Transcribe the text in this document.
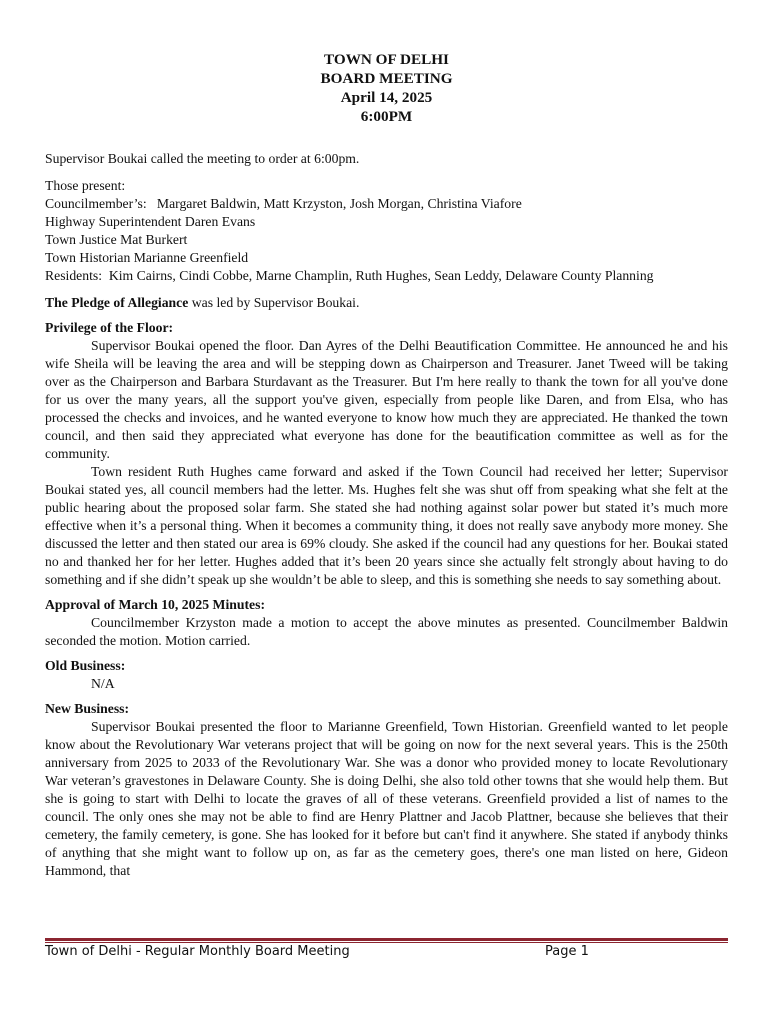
TOWN OF DELHI
BOARD MEETING
April 14, 2025
6:00PM

Supervisor Boukai called the meeting to order at 6:00pm.

Those present:

Councilmember’s:   Margaret Baldwin, Matt Krzyston, Josh Morgan, Christina Viafore

Highway Superintendent Daren Evans

Town Justice Mat Burkert

Town Historian Marianne Greenfield

Residents:  Kim Cairns, Cindi Cobbe, Marne Champlin, Ruth Hughes, Sean Leddy, Delaware County Planning

The Pledge of Allegiance was led by Supervisor Boukai.

Privilege of the Floor:

Supervisor Boukai opened the floor. Dan Ayres of the Delhi Beautification Committee. He announced he and his wife Sheila will be leaving the area and will be stepping down as Chairperson and Treasurer. Janet Tweed will be taking over as the Chairperson and Barbara Sturdavant as the Treasurer. But I'm here really to thank the town for all you've done for us over the many years, all the support you've given, especially from people like Daren, and from Elsa, who has processed the checks and invoices, and he wanted everyone to know how much they are appreciated. He thanked the town council, and then said they appreciated what everyone has done for the beautification committee as well as for the community.

Town resident Ruth Hughes came forward and asked if the Town Council had received her letter; Supervisor Boukai stated yes, all council members had the letter. Ms. Hughes felt she was shut off from speaking what she felt at the public hearing about the proposed solar farm. She stated she had nothing against solar power but stated it’s much more effective when it’s a personal thing. When it becomes a community thing, it does not really save anybody more money. She discussed the letter and then stated our area is 69% cloudy. She asked if the council had any questions for her. Boukai stated no and thanked her for her letter. Hughes added that it’s been 20 years since she actually felt strongly about having to do something and if she didn’t speak up she wouldn’t be able to sleep, and this is something she needs to say something about.

Approval of March 10, 2025 Minutes:

Councilmember Krzyston made a motion to accept the above minutes as presented. Councilmember Baldwin seconded the motion. Motion carried.

Old Business:

N/A

New Business:

Supervisor Boukai presented the floor to Marianne Greenfield, Town Historian. Greenfield wanted to let people know about the Revolutionary War veterans project that will be going on now for the next several years. This is the 250th anniversary from 2025 to 2033 of the Revolutionary War. She was a donor who provided money to locate Revolutionary War veteran’s gravestones in Delaware County. She is doing Delhi, she also told other towns that she would help them. But she is going to start with Delhi to locate the graves of all of these veterans. Greenfield provided a list of names to the council. The only ones she may not be able to find are Henry Plattner and Jacob Plattner, because she believes that their cemetery, the family cemetery, is gone. She has looked for it before but can't find it anywhere. She stated if anybody thinks of anything that she might want to follow up on, as far as the cemetery goes, there's one man listed on here, Gideon Hammond, that

Town of Delhi - Regular Monthly Board Meeting	Page 1
